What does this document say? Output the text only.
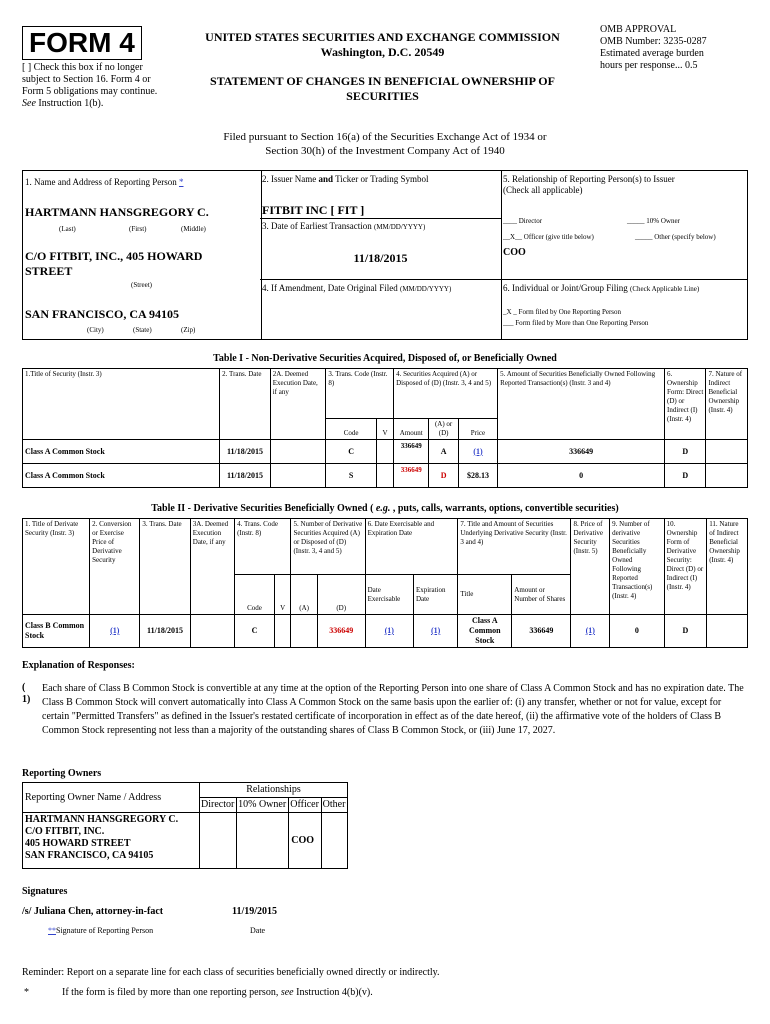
FORM 4
[ ] Check this box if no longer subject to Section 16. Form 4 or Form 5 obligations may continue. See Instruction 1(b).
UNITED STATES SECURITIES AND EXCHANGE COMMISSION
Washington, D.C. 20549
STATEMENT OF CHANGES IN BENEFICIAL OWNERSHIP OF SECURITIES
OMB APPROVAL
OMB Number: 3235-0287
Estimated average burden
hours per response... 0.5
Filed pursuant to Section 16(a) of the Securities Exchange Act of 1934 or
Section 30(h) of the Investment Company Act of 1940
1. Name and Address of Reporting Person *
HARTMANN HANSGREGORY C.
(Last)	(First)	(Middle)
C/O FITBIT, INC., 405 HOWARD STREET
(Street)
SAN FRANCISCO, CA 94105
(City)	(State)	(Zip)
2. Issuer Name and Ticker or Trading Symbol
FITBIT INC [ FIT ]
3. Date of Earliest Transaction (MM/DD/YYYY)
11/18/2015
4. If Amendment, Date Original Filed (MM/DD/YYYY)
5. Relationship of Reporting Person(s) to Issuer
(Check all applicable)
____ Director	_____ 10% Owner
__X__ Officer (give title below)	_____ Other (specify below)
COO
6. Individual or Joint/Group Filing (Check Applicable Line)
_X _ Form filed by One Reporting Person
___ Form filed by More than One Reporting Person
Table I - Non-Derivative Securities Acquired, Disposed of, or Beneficially Owned
1.Title of Security (Instr. 3)	2. Trans. Date	2A. Deemed Execution Date, if any	3. Trans. Code (Instr. 8)		4. Securities Acquired (A) or Disposed of (D) (Instr. 3, 4 and 5)			5. Amount of Securities Beneficially Owned Following Reported Transaction(s) (Instr. 3 and 4)	6. Ownership Form: Direct (D) or Indirect (I) (Instr. 4)	7. Nature of Indirect Beneficial Ownership (Instr. 4)
			Code	V	Amount	(A) or (D)	Price			
Class A Common Stock	11/18/2015		C		336649	A	(1)	336649	D	
Class A Common Stock	11/18/2015		S		336649	D	$28.13	0	D	
Table II - Derivative Securities Beneficially Owned ( e.g. , puts, calls, warrants, options, convertible securities)
1. Title of Derivate Security (Instr. 3)	2. Conversion or Exercise Price of Derivative Security	3. Trans. Date	3A. Deemed Execution Date, if any	4. Trans. Code (Instr. 8)		5. Number of Derivative Securities Acquired (A) or Disposed of (D) (Instr. 3, 4 and 5)		6. Date Exercisable and Expiration Date		7. Title and Amount of Securities Underlying Derivative Security (Instr. 3 and 4)		8. Price of Derivative Security (Instr. 5)	9. Number of derivative Securities Beneficially Owned Following Reported Transaction(s) (Instr. 4)	10. Ownership Form of Derivative Security: Direct (D) or Indirect (I) (Instr. 4)	11. Nature of Indirect Beneficial Ownership (Instr. 4)
				Code	V	(A)	(D)	Date Exercisable	Expiration Date	Title	Amount or Number of Shares				
Class B Common Stock	(1)	11/18/2015		C			336649	(1)	(1)	Class A Common Stock	336649	(1)	0	D	
Explanation of Responses:
( 1)
Each share of Class B Common Stock is convertible at any time at the option of the Reporting Person into one share of Class A Common Stock and has no expiration date. The Class B Common Stock will convert automatically into Class A Common Stock on the same basis upon the earlier of: (i) any transfer, whether or not for value, except for certain "Permitted Transfers" as defined in the Issuer's restated certificate of incorporation in effect as of the date hereof, (ii) the affirmative vote of the holders of Class B Common Stock representing not less than a majority of the outstanding shares of Class B Common Stock, or (iii) June 17, 2027.
Reporting Owners
Reporting Owner Name / Address	Relationships			
	Director	10% Owner	Officer	Other

HARTMANN HANSGREGORY C.
C/O FITBIT, INC.
405 HOWARD STREET
SAN FRANCISCO, CA 94105			COO	
Signatures
/s/ Juliana Chen, attorney-in-fact	11/19/2015
**Signature of Reporting Person	Date
Reminder: Report on a separate line for each class of securities beneficially owned directly or indirectly.
*	If the form is filed by more than one reporting person, see Instruction 4(b)(v).
